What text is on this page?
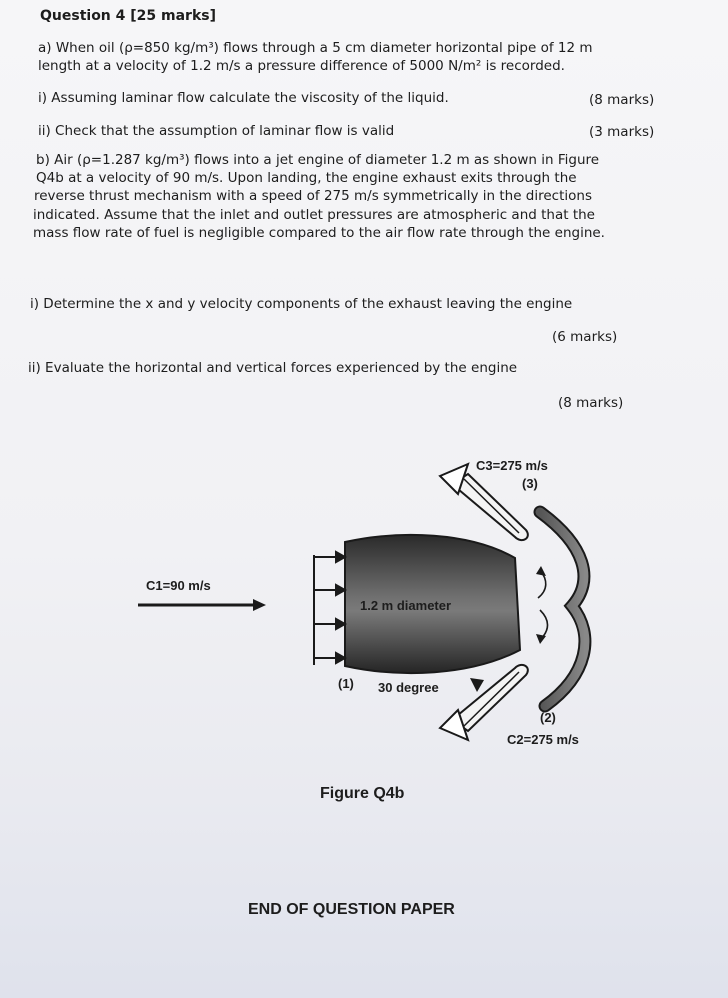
Question 4 [25 marks]
a) When oil (ρ=850 kg/m³) flows through a 5 cm diameter horizontal pipe of 12 m
length at a velocity of 1.2 m/s a pressure difference of 5000 N/m² is recorded.
i) Assuming laminar flow calculate the viscosity of the liquid.	(8 marks)
ii) Check that the assumption of laminar flow is valid	(3 marks)
b) Air (ρ=1.287 kg/m³) flows into a jet engine of diameter 1.2 m as shown in Figure
Q4b at a velocity of 90 m/s. Upon landing, the engine exhaust exits through the
reverse thrust mechanism with a speed of 275 m/s symmetrically in the directions
indicated. Assume that the inlet and outlet pressures are atmospheric and that the
mass flow rate of fuel is negligible compared to the air flow rate through the engine.
i) Determine the x and y velocity components of the exhaust leaving the engine
(6 marks)
ii) Evaluate the horizontal and vertical forces experienced by the engine
(8 marks)
C3=275 m/s
(3)
C1=90 m/s
1.2 m diameter
(1) 30 degree
(2)
C2=275 m/s
Figure Q4b
END OF QUESTION PAPER
